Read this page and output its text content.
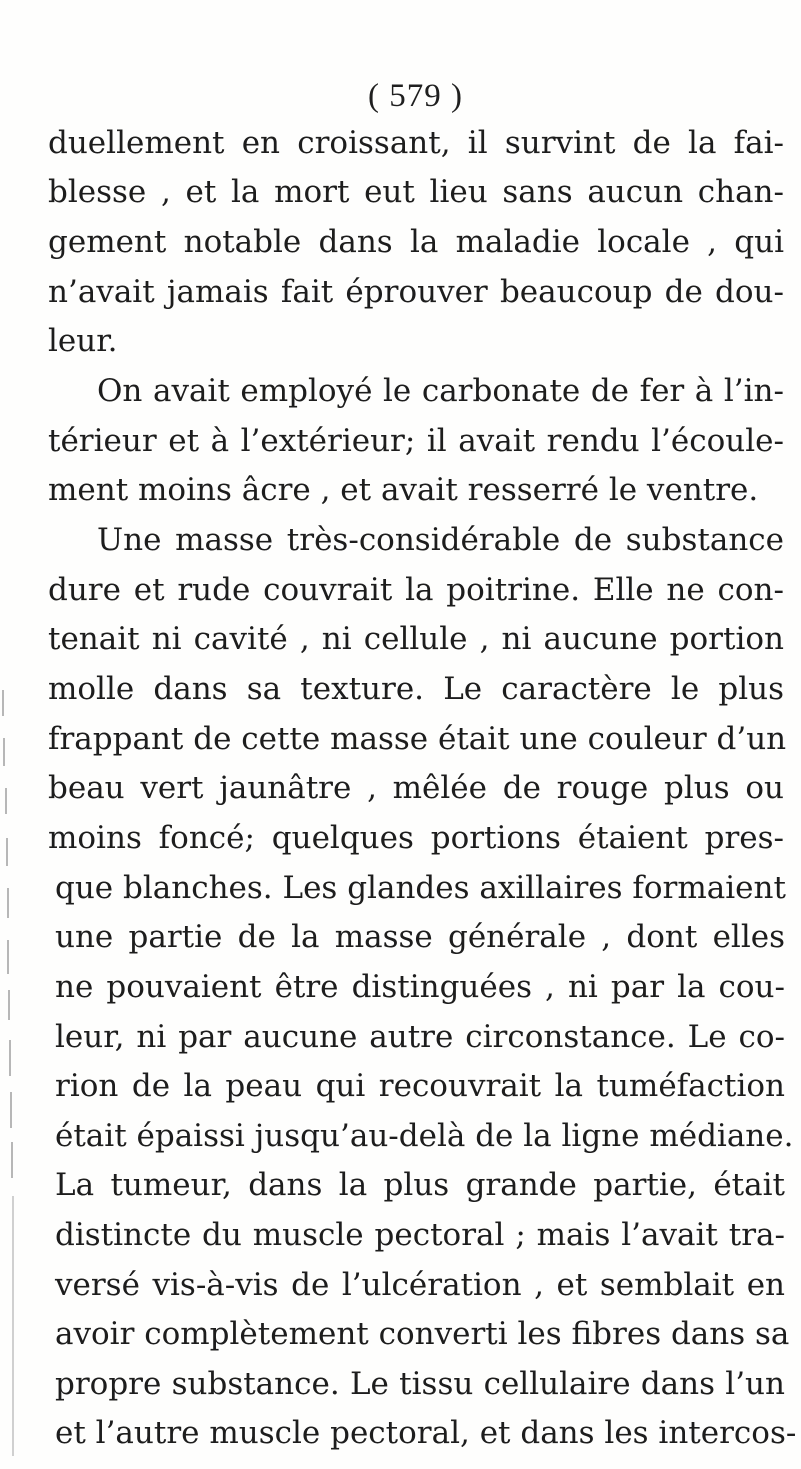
( 579 )
duellement en croissant, il survint de la fai-
blesse , et la mort eut lieu sans aucun chan-
gement notable dans la maladie locale , qui
n’avait jamais fait éprouver beaucoup de dou-
leur.
On avait employé le carbonate de fer à l’in-
térieur et à l’extérieur; il avait rendu l’écoule-
ment moins âcre , et avait resserré le ventre.
Une masse très-considérable de substance
dure et rude couvrait la poitrine. Elle ne con-
tenait ni cavité , ni cellule , ni aucune portion
molle dans sa texture. Le caractère le plus
frappant de cette masse était une couleur d’un
beau vert jaunâtre , mêlée de rouge plus ou
moins foncé; quelques portions étaient pres-
que blanches. Les glandes axillaires formaient
une partie de la masse générale , dont elles
ne pouvaient être distinguées , ni par la cou-
leur, ni par aucune autre circonstance. Le co-
rion de la peau qui recouvrait la tuméfaction
était épaissi jusqu’au-delà de la ligne médiane.
La tumeur, dans la plus grande partie, était
distincte du muscle pectoral ; mais l’avait tra-
versé vis-à-vis de l’ulcération , et semblait en
avoir complètement converti les fibres dans sa
propre substance. Le tissu cellulaire dans l’un
et l’autre muscle pectoral, et dans les intercos-
